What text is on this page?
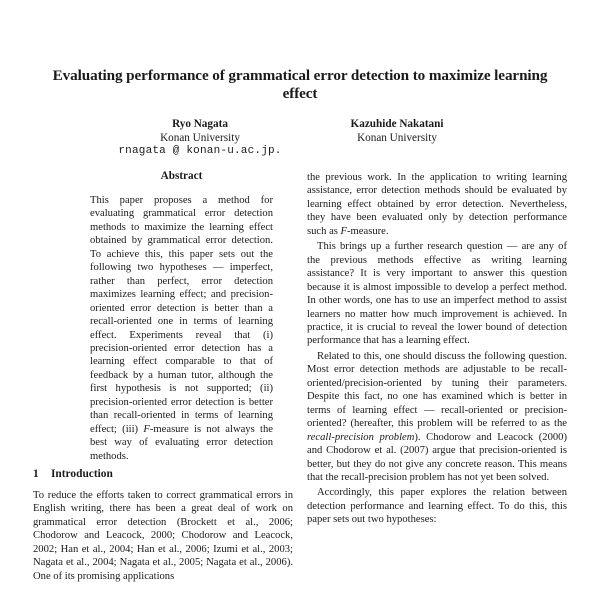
Evaluating performance of grammatical error detection to maximize learning effect
Ryo Nagata
Konan University
rnagata @ konan-u.ac.jp.
Kazuhide Nakatani
Konan University
Abstract

This paper proposes a method for evaluating grammatical error detection methods to maximize the learning effect obtained by grammatical error detection. To achieve this, this paper sets out the following two hypotheses — imperfect, rather than perfect, error detection maximizes learning effect; and precision-oriented error detection is better than a recall-oriented one in terms of learning effect. Experiments reveal that (i) precision-oriented error detection has a learning effect comparable to that of feedback by a human tutor, although the first hypothesis is not supported; (ii) precision-oriented error detection is better than recall-oriented in terms of learning effect; (iii) F-measure is not always the best way of evaluating error detection methods.

1 Introduction

To reduce the efforts taken to correct grammatical errors in English writing, there has been a great deal of work on grammatical error detection (Brockett et al., 2006; Chodorow and Leacock, 2000; Chodorow and Leacock, 2002; Han et al., 2004; Han et al., 2006; Izumi et al., 2003; Nagata et al., 2004; Nagata et al., 2005; Nagata et al., 2006). One of its promising applications

the previous work. In the application to writing learning assistance, error detection methods should be evaluated by learning effect obtained by error detection. Nevertheless, they have been evaluated only by detection performance such as F-measure.

This brings up a further research question — are any of the previous methods effective as writing learning assistance? It is very important to answer this question because it is almost impossible to develop a perfect method. In other words, one has to use an imperfect method to assist learners no matter how much improvement is achieved. In practice, it is crucial to reveal the lower bound of detection performance that has a learning effect.

Related to this, one should discuss the following question. Most error detection methods are adjustable to be recall-oriented/precision-oriented by tuning their parameters. Despite this fact, no one has examined which is better in terms of learning effect — recall-oriented or precision-oriented? (hereafter, this problem will be referred to as the recall-precision problem). Chodorow and Leacock (2000) and Chodorow et al. (2007) argue that precision-oriented is better, but they do not give any concrete reason. This means that the recall-precision problem has not yet been solved.

Accordingly, this paper explores the relation between detection performance and learning effect. To do this, this paper sets out two hypotheses:
